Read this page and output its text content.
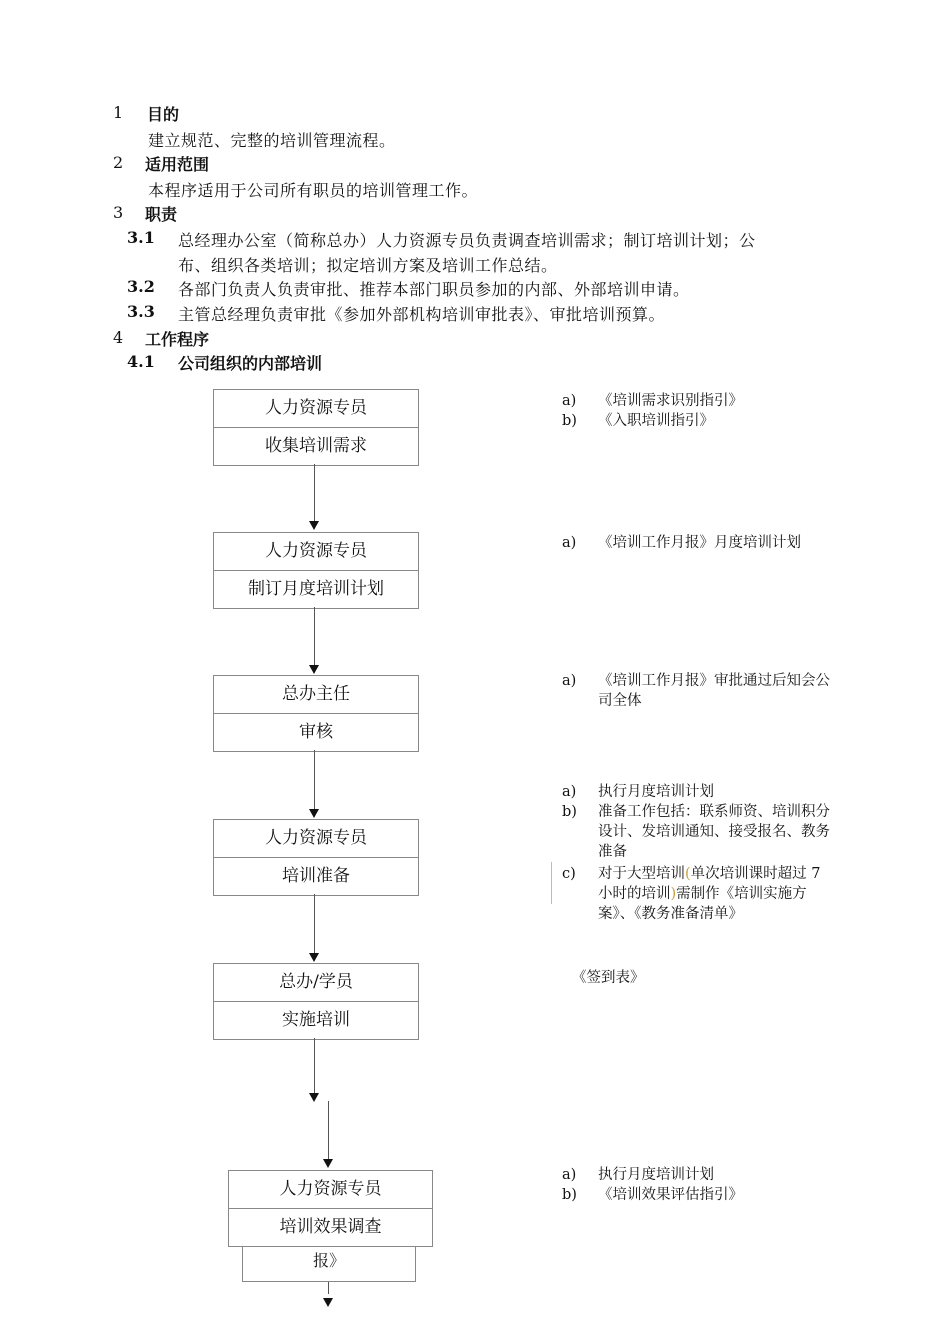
1 目的
建立规范、完整的培训管理流程。
2 适用范围
本程序适用于公司所有职员的培训管理工作。
3 职责
3.1 总经理办公室（简称总办）人力资源专员负责调查培训需求；制订培训计划；公
布、组织各类培训；拟定培训方案及培训工作总结。
3.2 各部门负责人负责审批、推荐本部门职员参加的内部、外部培训申请。
3.3 主管总经理负责审批《参加外部机构培训审批表》、审批培训预算。
4 工作程序
4.1 公司组织的内部培训
人力资源专员
收集培训需求
人力资源专员
制订月度培训计划
总办主任
审核
人力资源专员
培训准备
总办/学员
实施培训
报》
人力资源专员
培训效果调查
a)	《培训需求识别指引》
b)	《入职培训指引》
a)	《培训工作月报》月度培训计划
a)	《培训工作月报》审批通过后知会公司全体
a)	执行月度培训计划
b)	准备工作包括：联系师资、培训积分设计、发培训通知、接受报名、教务准备
c)	对于大型培训(单次培训课时超过 7 小时的培训)需制作《培训实施方案》、《教务准备清单》
《签到表》
a)	执行月度培训计划
b)	《培训效果评估指引》
